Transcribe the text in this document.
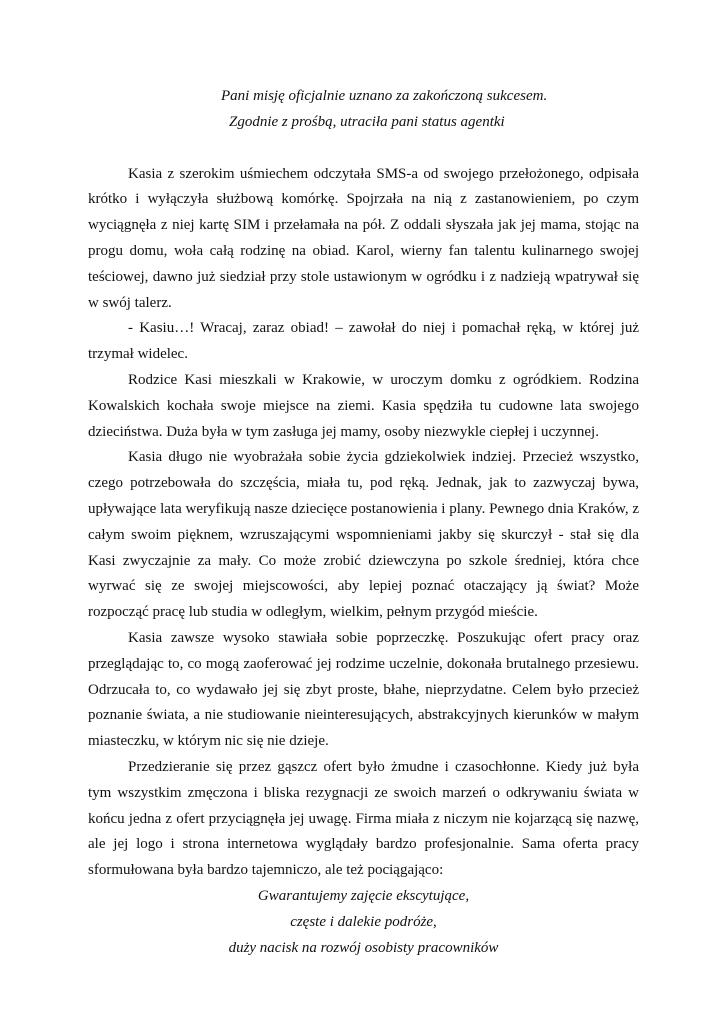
Pani misję oficjalnie uznano za zakończoną sukcesem.

Zgodnie z prośbą, utraciła pani status agentki

Kasia z szerokim uśmiechem odczytała SMS-a od swojego przełożonego, odpisała krótko i wyłączyła służbową komórkę. Spojrzała na nią z zastanowieniem, po czym wyciągnęła z niej kartę SIM i przełamała na pół. Z oddali słyszała jak jej mama, stojąc na progu domu, woła całą rodzinę na obiad. Karol, wierny fan talentu kulinarnego swojej teściowej, dawno już siedział przy stole ustawionym w ogródku i z nadzieją wpatrywał się w swój talerz.

- Kasiu…! Wracaj, zaraz obiad! – zawołał do niej i pomachał ręką, w której już trzymał widelec.

Rodzice Kasi mieszkali w Krakowie, w uroczym domku z ogródkiem. Rodzina Kowalskich kochała swoje miejsce na ziemi. Kasia spędziła tu cudowne lata swojego dzieciństwa. Duża była w tym zasługa jej mamy, osoby niezwykle ciepłej i uczynnej.

Kasia długo nie wyobrażała sobie życia gdziekolwiek indziej. Przecież wszystko, czego potrzebowała do szczęścia, miała tu, pod ręką. Jednak, jak to zazwyczaj bywa, upływające lata weryfikują nasze dziecięce postanowienia i plany. Pewnego dnia Kraków, z całym swoim pięknem, wzruszającymi wspomnieniami jakby się skurczył - stał się dla Kasi zwyczajnie za mały. Co może zrobić dziewczyna po szkole średniej, która chce wyrwać się ze swojej miejscowości, aby lepiej poznać otaczający ją świat? Może rozpocząć pracę lub studia w odległym, wielkim, pełnym przygód mieście.

Kasia zawsze wysoko stawiała sobie poprzeczkę. Poszukując ofert pracy oraz przeglądając to, co mogą zaoferować jej rodzime uczelnie, dokonała brutalnego przesiewu. Odrzucała to, co wydawało jej się zbyt proste, błahe, nieprzydatne. Celem było przecież poznanie świata, a nie studiowanie nieinteresujących, abstrakcyjnych kierunków w małym miasteczku, w którym nic się nie dzieje.

Przedzieranie się przez gąszcz ofert było żmudne i czasochłonne. Kiedy już była tym wszystkim zmęczona i bliska rezygnacji ze swoich marzeń o odkrywaniu świata w końcu jedna z ofert przyciągnęła jej uwagę. Firma miała z niczym nie kojarzącą się nazwę, ale jej logo i strona internetowa wyglądały bardzo profesjonalnie. Sama oferta pracy sformułowana była bardzo tajemniczo, ale też pociągająco:

Gwarantujemy zajęcie ekscytujące,

częste i dalekie podróże,

duży nacisk na rozwój osobisty pracowników
